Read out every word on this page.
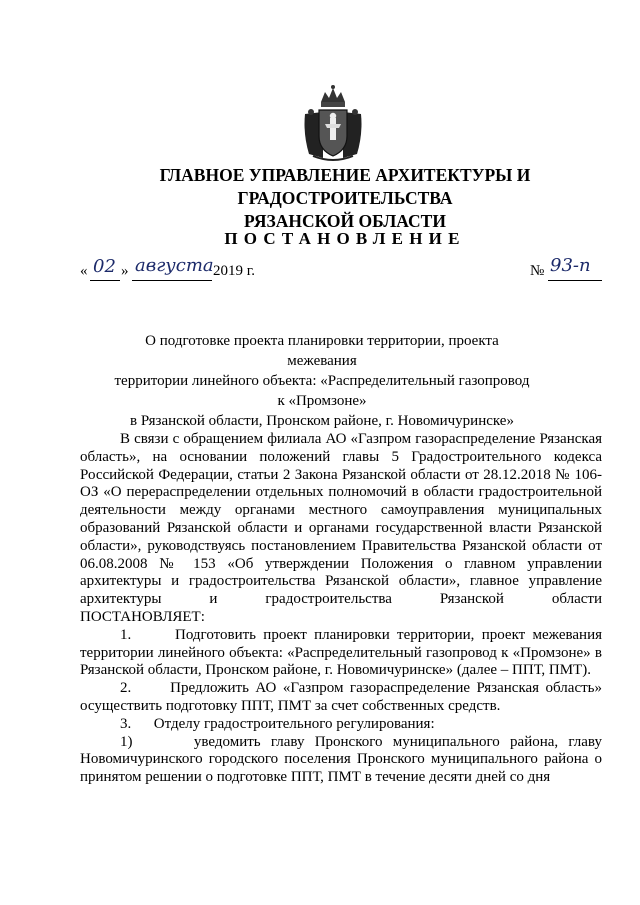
ГЛАВНОЕ УПРАВЛЕНИЕ АРХИТЕКТУРЫ И ГРАДОСТРОИТЕЛЬСТВА
РЯЗАНСКОЙ ОБЛАСТИ
ПОСТАНОВЛЕНИЕ
« 02 » августа 2019 г.	№ 93-п
О подготовке проекта планировки территории, проекта межевания
территории линейного объекта: «Распределительный газопровод к «Промзоне»
в Рязанской области, Пронском районе, г. Новомичуринске»

В связи с обращением филиала АО «Газпром газораспределение Рязанская область», на основании положений главы 5 Градостроительного кодекса Российской Федерации, статьи 2 Закона Рязанской области от 28.12.2018 № 106-ОЗ «О перераспределении отдельных полномочий в области градостроительной деятельности между органами местного самоуправления муниципальных образований Рязанской области и органами государственной власти Рязанской области», руководствуясь постановлением Правительства Рязанской области от 06.08.2008 № 153 «Об утверждении Положения о главном управлении архитектуры и градостроительства Рязанской области», главное управление архитектуры и градостроительства Рязанской области

ПОСТАНОВЛЯЕТ:

1.      Подготовить проект планировки территории, проект межевания территории линейного объекта: «Распределительный газопровод к «Промзоне» в Рязанской области, Пронском районе, г. Новомичуринске» (далее – ППТ, ПМТ).

2.      Предложить АО «Газпром газораспределение Рязанская область» осуществить подготовку ППТ, ПМТ за счет собственных средств.

3.      Отделу градостроительного регулирования:

1)      уведомить главу Пронского муниципального района, главу Новомичуринского городского поселения Пронского муниципального района о принятом решении о подготовке ППТ, ПМТ в течение десяти дней со дня
